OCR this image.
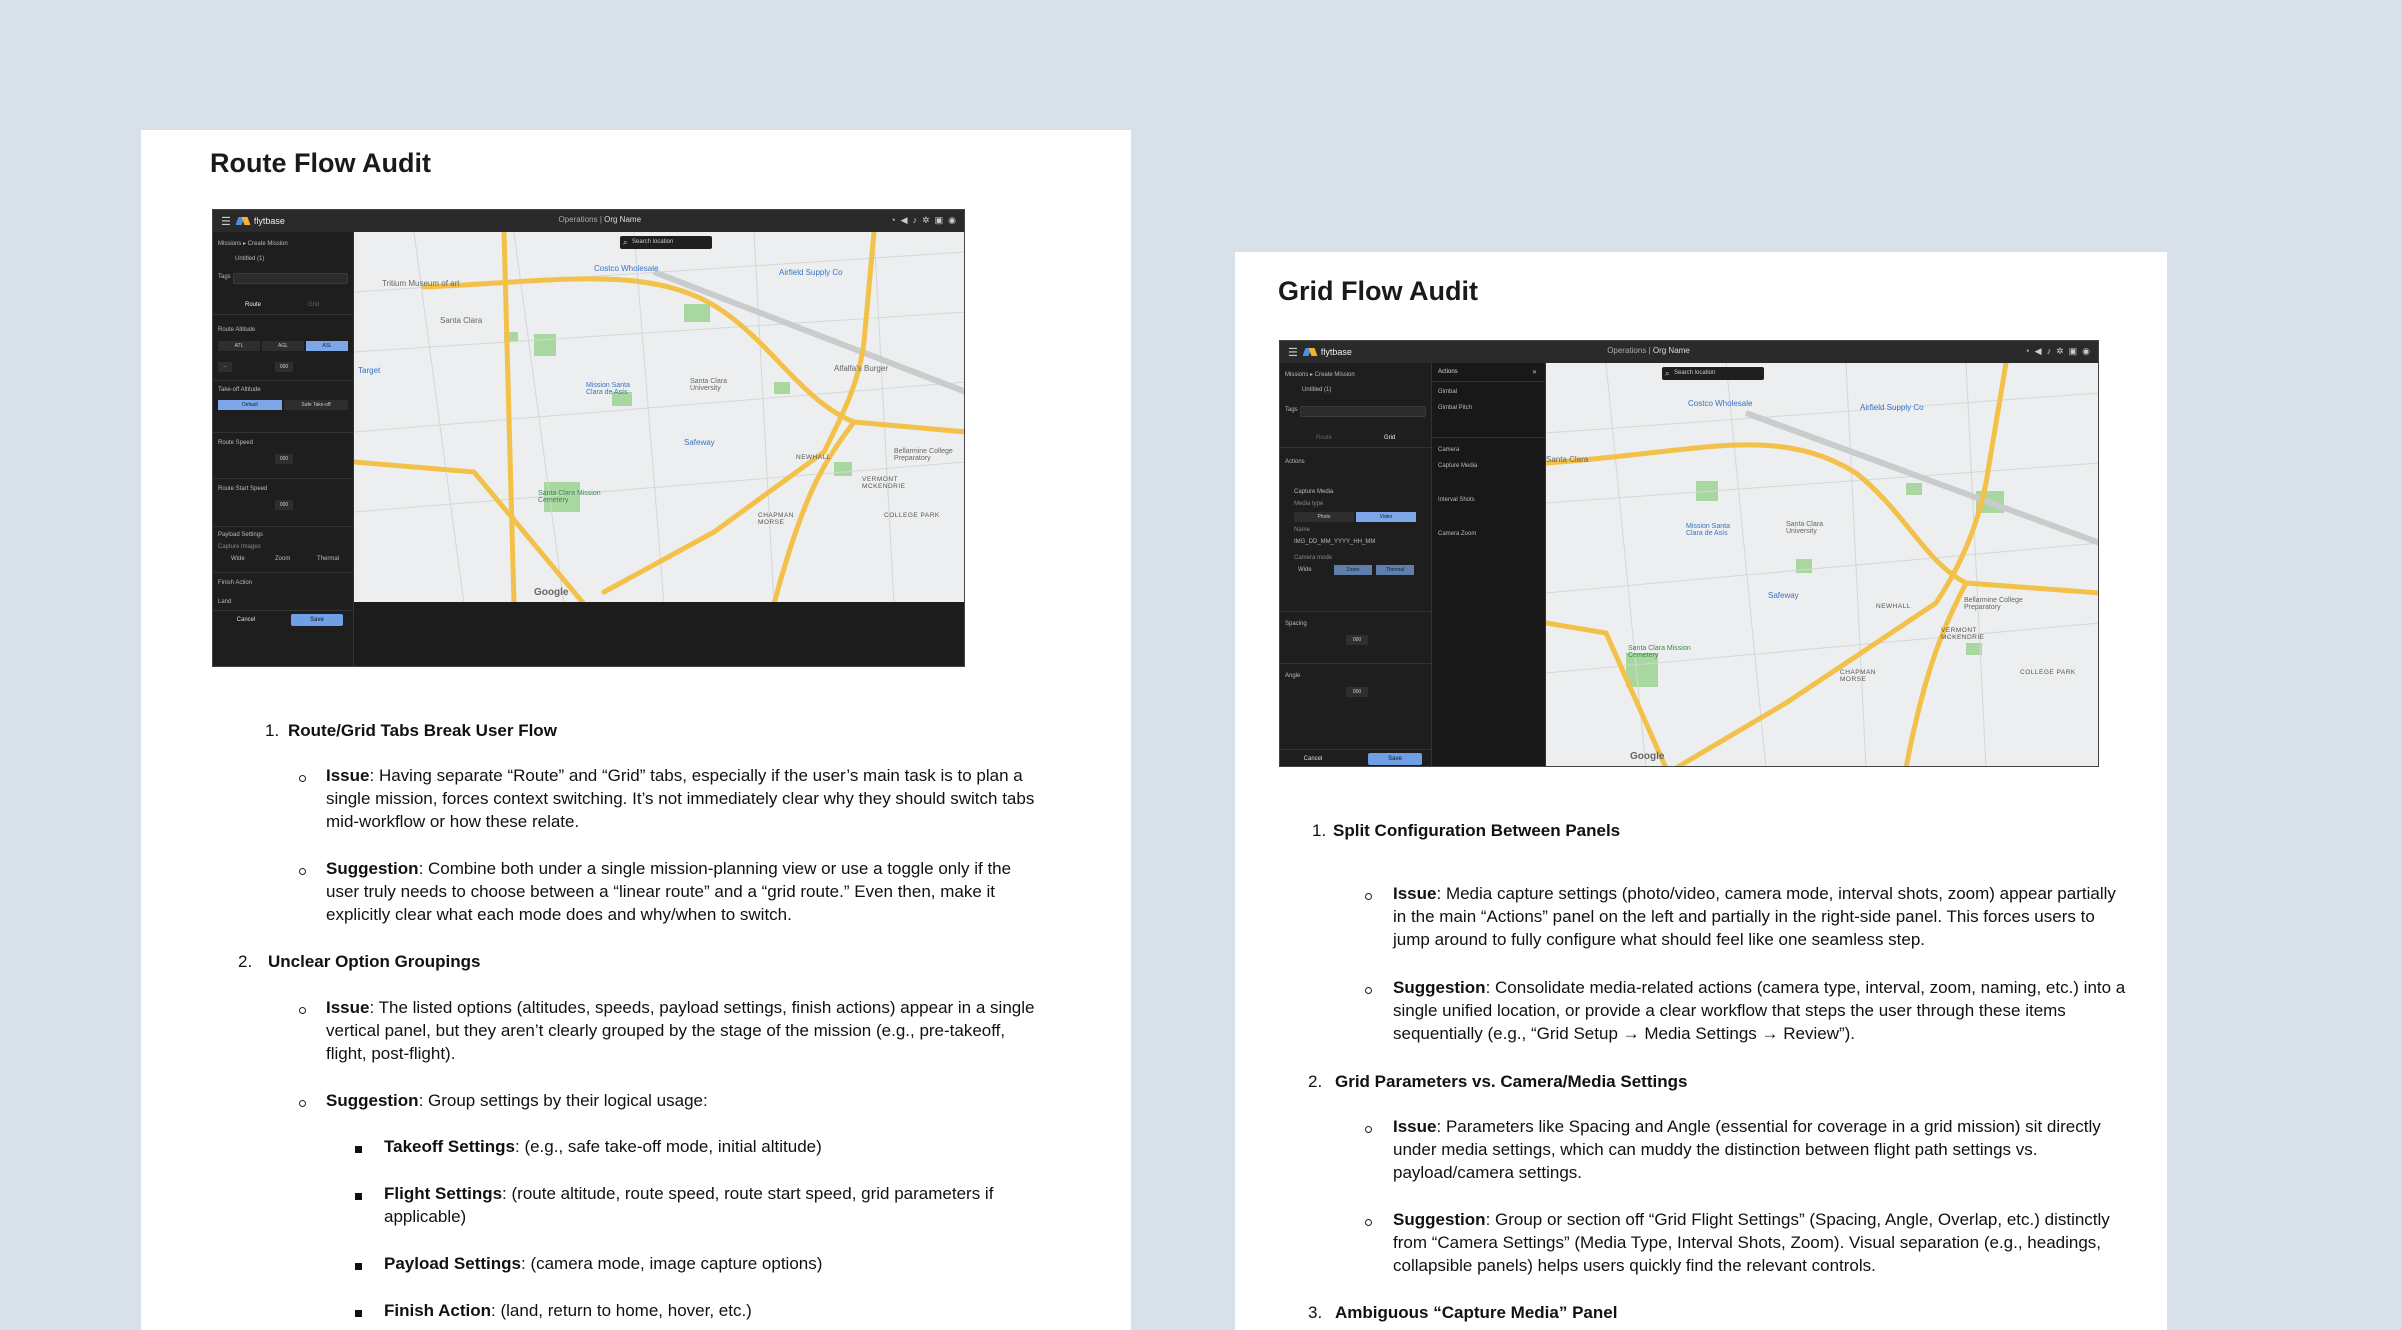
Route Flow Audit
☰	flytbase	Operations | Org Name	◔ ◀ ♪ ✲ ▣ ◉
Missions ▸ Create Mission
Untitled (1)
Tags
Route	Grid
Route Altitude
ATL	AGL	ASL
−	000
Take-off Altitude
Default	Safe Take-off
Route Speed
000
Route Start Speed
000
Payload Settings
Capture Images
Wide	Zoom	Thermal
Finish Action
Land
Cancel	Save
⌕ Search location
Tritium Museum of art
Costco Wholesale	Airfield Supply Co
Santa Clara
Target
Mission Santa Clara de Asís
Santa Clara University
Alfalfa's Burger
Safeway
NEWHALL
Bellarmine College Preparatory
VERMONT MCKENDRIE
Santa Clara Mission Cemetery
CHAPMAN MORSE
COLLEGE PARK
Google
1. Route/Grid Tabs Break User Flow
Issue: Having separate “Route” and “Grid” tabs, especially if the user’s main task is to plan a single mission, forces context switching. It’s not immediately clear why they should switch tabs mid-workflow or how these relate.
Suggestion: Combine both under a single mission-planning view or use a toggle only if the user truly needs to choose between a “linear route” and a “grid route.” Even then, make it explicitly clear what each mode does and why/when to switch.
2. Unclear Option Groupings
Issue: The listed options (altitudes, speeds, payload settings, finish actions) appear in a single vertical panel, but they aren’t clearly grouped by the stage of the mission (e.g., pre-takeoff, flight, post-flight).
Suggestion: Group settings by their logical usage:
Takeoff Settings: (e.g., safe take-off mode, initial altitude)
Flight Settings: (route altitude, route speed, route start speed, grid parameters if applicable)
Payload Settings: (camera mode, image capture options)
Finish Action: (land, return to home, hover, etc.)
Grid Flow Audit
☰	flytbase	Operations | Org Name	◔ ◀ ♪ ✲ ▣ ◉
Missions ▸ Create Mission
Untitled (1)
Tags
Route	Grid
Actions
Capture Media
Media type
Photo	Video
Name
IMG_DD_MM_YYYY_HH_MM
Camera mode
Wide	Zoom	Thermal
Spacing
000
Angle
000
Cancel	Save
Actions	✕
Gimbal
Gimbal Pitch
Camera
Capture Media
Interval Shots
Camera Zoom
⌕ Search location
Costco Wholesale	Airfield Supply Co
Santa Clara
Mission Santa Clara de Asís
Santa Clara University
Safeway
NEWHALL
Bellarmine College Preparatory
VERMONT MCKENDRIE
Santa Clara Mission Cemetery
CHAPMAN MORSE
COLLEGE PARK
Google
1. Split Configuration Between Panels
Issue: Media capture settings (photo/video, camera mode, interval shots, zoom) appear partially in the main “Actions” panel on the left and partially in the right-side panel. This forces users to jump around to fully configure what should feel like one seamless step.
Suggestion: Consolidate media-related actions (camera type, interval, zoom, naming, etc.) into a single unified location, or provide a clear workflow that steps the user through these items sequentially (e.g., “Grid Setup → Media Settings → Review”).
2. Grid Parameters vs. Camera/Media Settings
Issue: Parameters like Spacing and Angle (essential for coverage in a grid mission) sit directly under media settings, which can muddy the distinction between flight path settings vs. payload/camera settings.
Suggestion: Group or section off “Grid Flight Settings” (Spacing, Angle, Overlap, etc.) distinctly from “Camera Settings” (Media Type, Interval Shots, Zoom). Visual separation (e.g., headings, collapsible panels) helps users quickly find the relevant controls.
3. Ambiguous “Capture Media” Panel
